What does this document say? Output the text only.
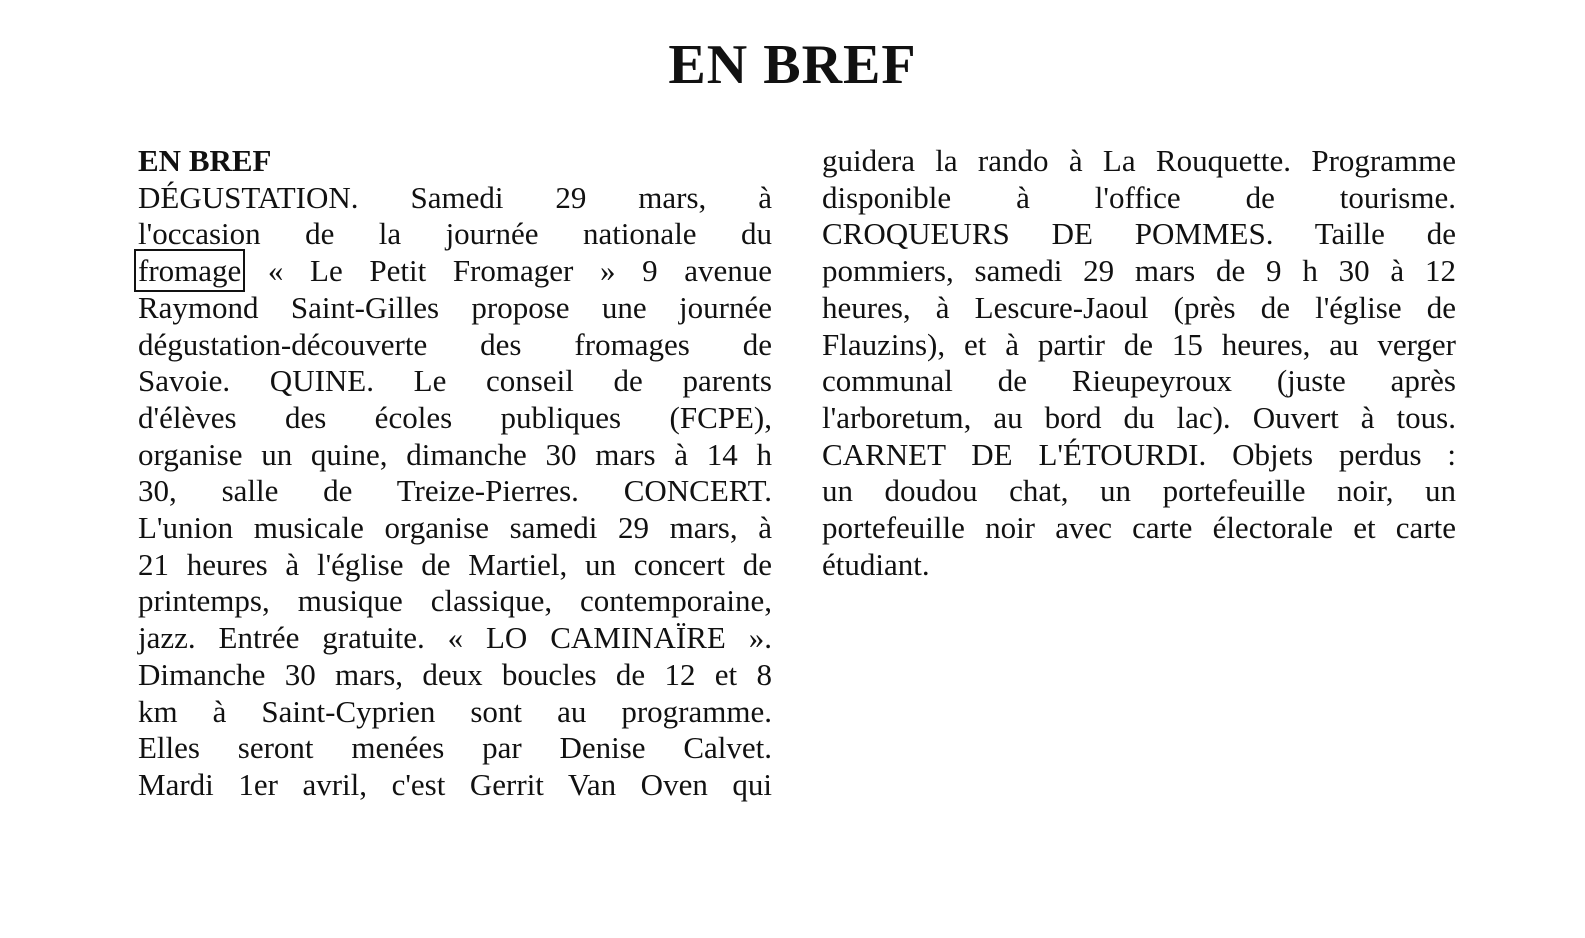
EN BREF
EN BREF
DÉGUSTATION. Samedi 29 mars, à
l'occasion de la journée nationale du
fromage « Le Petit Fromager » 9 avenue
Raymond Saint-Gilles propose une journée
dégustation-découverte des fromages de
Savoie. QUINE. Le conseil de parents
d'élèves des écoles publiques (FCPE),
organise un quine, dimanche 30 mars à 14 h
30, salle de Treize-Pierres. CONCERT.
L'union musicale organise samedi 29 mars, à
21 heures à l'église de Martiel, un concert de
printemps, musique classique, contemporaine,
jazz. Entrée gratuite. « LO CAMINAÏRE ».
Dimanche 30 mars, deux boucles de 12 et 8
km à Saint-Cyprien sont au programme.
Elles seront menées par Denise Calvet.
Mardi 1er avril, c'est Gerrit Van Oven qui
guidera la rando à La Rouquette. Programme
disponible à l'office de tourisme.
CROQUEURS DE POMMES. Taille de
pommiers, samedi 29 mars de 9 h 30 à 12
heures, à Lescure-Jaoul (près de l'église de
Flauzins), et à partir de 15 heures, au verger
communal de Rieupeyroux (juste après
l'arboretum, au bord du lac). Ouvert à tous.
CARNET DE L'ÉTOURDI. Objets perdus :
un doudou chat, un portefeuille noir, un
portefeuille noir avec carte électorale et carte
étudiant.
